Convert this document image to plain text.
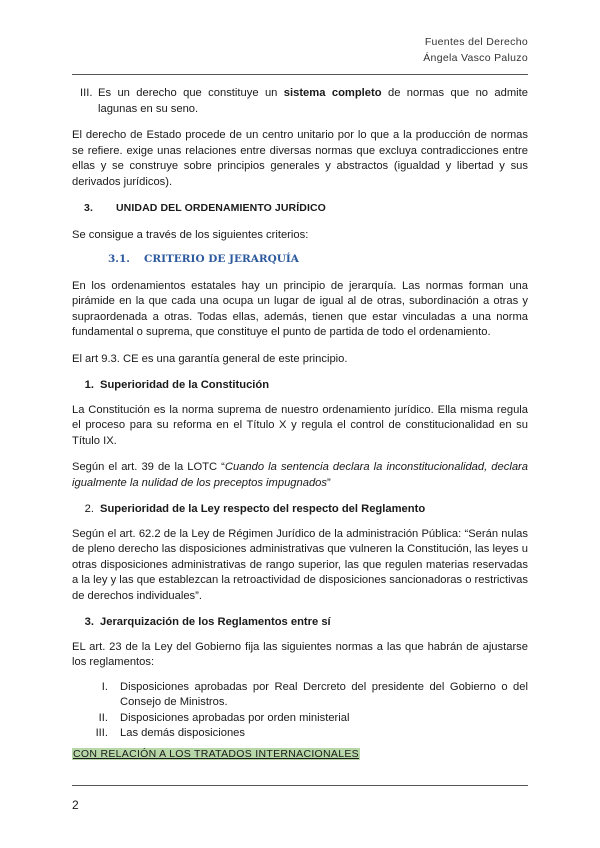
Fuentes del Derecho
Ángela Vasco Paluzo
III. Es un derecho que constituye un sistema completo de normas que no admite lagunas en su seno.

El derecho de Estado procede de un centro unitario por lo que a la producción de normas se refiere. exige unas relaciones entre diversas normas que excluya contradicciones entre ellas y se construye sobre principios generales y abstractos (igualdad y libertad y sus derivados jurídicos).

3. UNIDAD DEL ORDENAMIENTO JURÍDICO

Se consigue a través de los siguientes criterios:

3.1. CRITERIO DE JERARQUÍA

En los ordenamientos estatales hay un principio de jerarquía. Las normas forman una pirámide en la que cada una ocupa un lugar de igual al de otras, subordinación a otras y supraordenada a otras. Todas ellas, además, tienen que estar vinculadas a una norma fundamental o suprema, que constituye el punto de partida de todo el ordenamiento.

El art 9.3. CE es una garantía general de este principio.

1. Superioridad de la Constitución

La Constitución es la norma suprema de nuestro ordenamiento jurídico. Ella misma regula el proceso para su reforma en el Título X y regula el control de constitucionalidad en su Título IX.

Según el art. 39 de la LOTC “Cuando la sentencia declara la inconstitucionalidad, declara igualmente la nulidad de los preceptos impugnados”

2. Superioridad de la Ley respecto del respecto del Reglamento

Según el art. 62.2 de la Ley de Régimen Jurídico de la administración Pública: “Serán nulas de pleno derecho las disposiciones administrativas que vulneren la Constitución, las leyes u otras disposiciones administrativas de rango superior, las que regulen materias reservadas a la ley y las que establezcan la retroactividad de disposiciones sancionadoras o restrictivas de derechos individuales”.

3. Jerarquización de los Reglamentos entre sí

EL art. 23 de la Ley del Gobierno fija las siguientes normas a las que habrán de ajustarse los reglamentos:

I.	Disposiciones aprobadas por Real Dercreto del presidente del Gobierno o del Consejo de Ministros.
II.	Disposiciones aprobadas por orden ministerial
III.	Las demás disposiciones
CON RELACIÓN A LOS TRATADOS INTERNACIONALES
2
